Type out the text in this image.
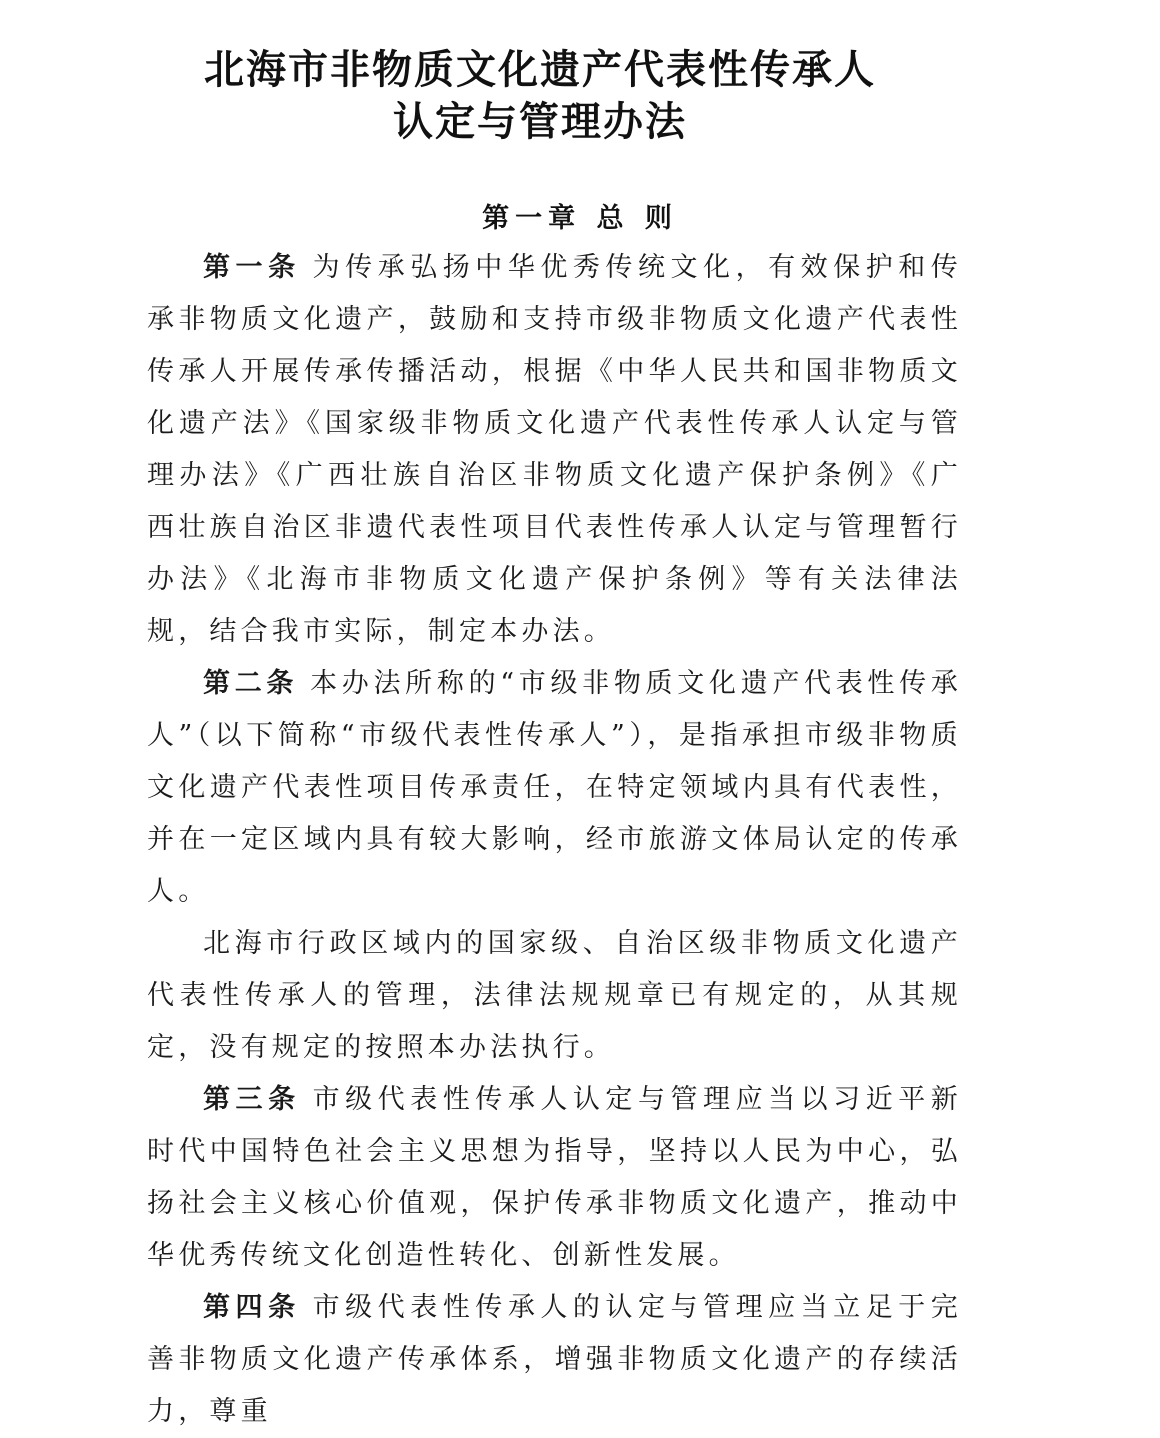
北海市非物质文化遗产代表性传承人
认定与管理办法
第一章 总 则

第一条 为传承弘扬中华优秀传统文化，有效保护和传承非物质文化遗产，鼓励和支持市级非物质文化遗产代表性传承人开展传承传播活动，根据《中华人民共和国非物质文化遗产法》《国家级非物质文化遗产代表性传承人认定与管理办法》《广西壮族自治区非物质文化遗产保护条例》《广西壮族自治区非遗代表性项目代表性传承人认定与管理暂行办法》《北海市非物质文化遗产保护条例》等有关法律法规，结合我市实际，制定本办法。

第二条 本办法所称的“市级非物质文化遗产代表性传承人”（以下简称“市级代表性传承人”），是指承担市级非物质文化遗产代表性项目传承责任，在特定领域内具有代表性，并在一定区域内具有较大影响，经市旅游文体局认定的传承人。

北海市行政区域内的国家级、自治区级非物质文化遗产代表性传承人的管理，法律法规规章已有规定的，从其规定，没有规定的按照本办法执行。

第三条 市级代表性传承人认定与管理应当以习近平新时代中国特色社会主义思想为指导，坚持以人民为中心，弘扬社会主义核心价值观，保护传承非物质文化遗产，推动中华优秀传统文化创造性转化、创新性发展。

第四条 市级代表性传承人的认定与管理应当立足于完善非物质文化遗产传承体系，增强非物质文化遗产的存续活力，尊重
